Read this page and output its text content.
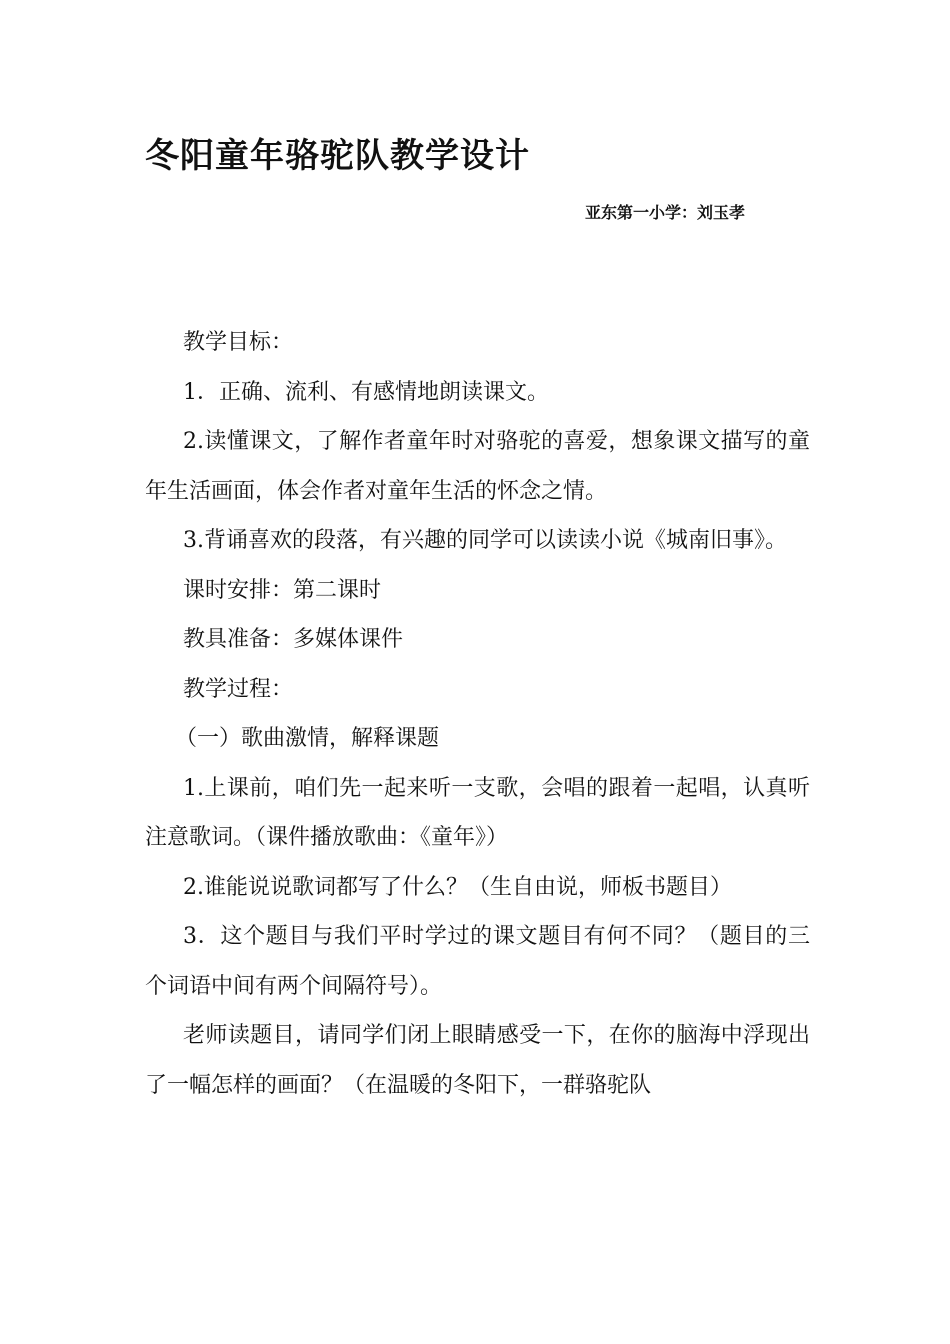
冬阳童年骆驼队教学设计
亚东第一小学：刘玉孝

教学目标：

1．正确、流利、有感情地朗读课文。

2.读懂课文，了解作者童年时对骆驼的喜爱，想象课文描写的童年生活画面，体会作者对童年生活的怀念之情。

3.背诵喜欢的段落，有兴趣的同学可以读读小说《城南旧事》。

课时安排：第二课时

教具准备：多媒体课件

教学过程：

（一）歌曲激情，解释课题

1.上课前，咱们先一起来听一支歌，会唱的跟着一起唱，认真听注意歌词。（课件播放歌曲：《童年》）

2.谁能说说歌词都写了什么？（生自由说，师板书题目）

3．这个题目与我们平时学过的课文题目有何不同？（题目的三个词语中间有两个间隔符号）。

老师读题目，请同学们闭上眼睛感受一下，在你的脑海中浮现出了一幅怎样的画面？（在温暖的冬阳下，一群骆驼队
